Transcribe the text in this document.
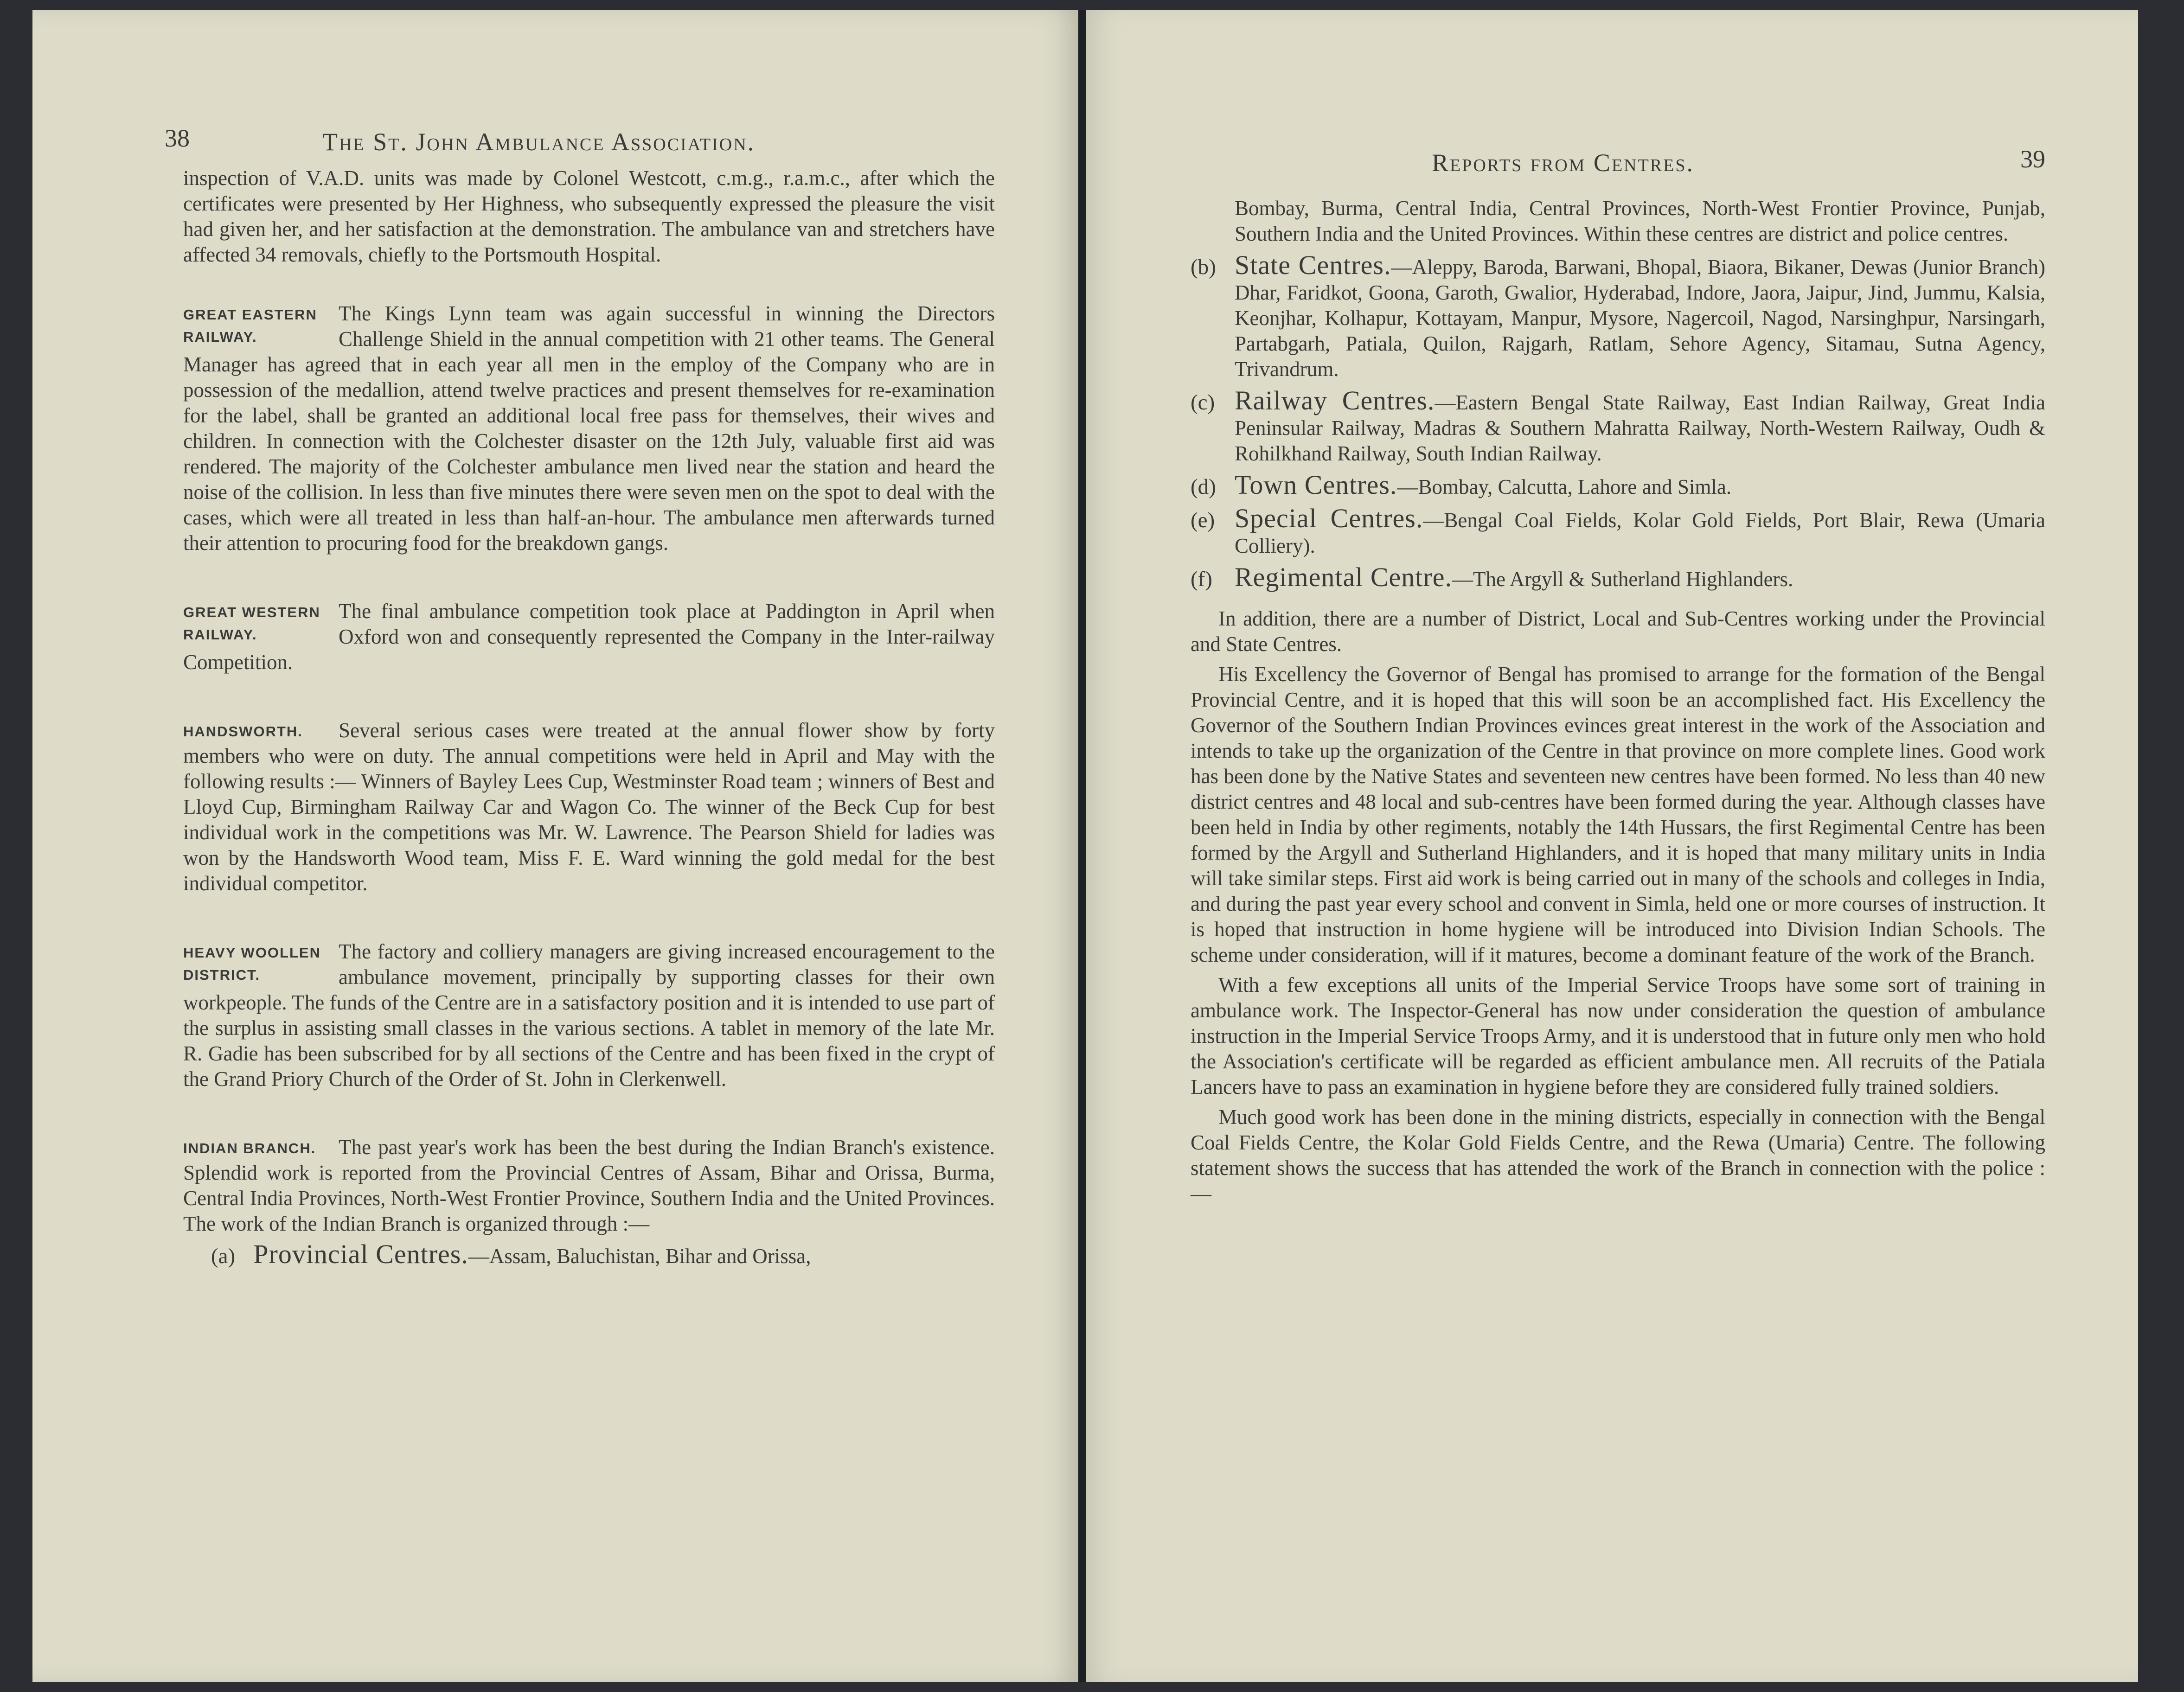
38	The St. John Ambulance Association.

inspection of V.A.D. units was made by Colonel Westcott, c.m.g., r.a.m.c., after which the certificates were presented by Her Highness, who subsequently expressed the pleasure the visit had given her, and her satisfaction at the demonstration. The ambulance van and stretchers have affected 34 removals, chiefly to the Portsmouth Hospital.

GREAT EASTERN RAILWAY.

The Kings Lynn team was again successful in winning the Directors Challenge Shield in the annual competition with 21 other teams. The General Manager has agreed that in each year all men in the employ of the Company who are in possession of the medallion, attend twelve practices and present themselves for re-examination for the label, shall be granted an additional local free pass for themselves, their wives and children. In connection with the Colchester disaster on the 12th July, valuable first aid was rendered. The majority of the Colchester ambulance men lived near the station and heard the noise of the collision. In less than five minutes there were seven men on the spot to deal with the cases, which were all treated in less than half-an-hour. The ambulance men afterwards turned their attention to procuring food for the breakdown gangs.

GREAT WESTERN RAILWAY.

The final ambulance competition took place at Paddington in April when Oxford won and consequently represented the Company in the Inter-railway Competition.

HANDSWORTH.	Several serious cases were treated at the annual flower show by forty members who were on duty. The annual competitions were held in April and May with the following results :— Winners of Bayley Lees Cup, Westminster Road team ; winners of Best and Lloyd Cup, Birmingham Railway Car and Wagon Co. The winner of the Beck Cup for best individual work in the competitions was Mr. W. Lawrence. The Pearson Shield for ladies was won by the Handsworth Wood team, Miss F. E. Ward winning the gold medal for the best individual competitor.

HEAVY WOOLLEN DISTRICT.

The factory and colliery managers are giving increased encouragement to the ambulance movement, principally by supporting classes for their own workpeople. The funds of the Centre are in a satisfactory position and it is intended to use part of the surplus in assisting small classes in the various sections. A tablet in memory of the late Mr. R. Gadie has been subscribed for by all sections of the Centre and has been fixed in the crypt of the Grand Priory Church of the Order of St. John in Clerkenwell.

INDIAN BRANCH.	The past year's work has been the best during the Indian Branch's existence. Splendid work is reported from the Provincial Centres of Assam, Bihar and Orissa, Burma, Central India Provinces, North-West Frontier Province, Southern India and the United Provinces. The work of the Indian Branch is organized through :—

(a) Provincial Centres.—Assam, Baluchistan, Bihar and Orissa,

Reports from Centres.	39

Bombay, Burma, Central India, Central Provinces, North-West Frontier Province, Punjab, Southern India and the United Provinces. Within these centres are district and police centres.

(b) State Centres.—Aleppy, Baroda, Barwani, Bhopal, Biaora, Bikaner, Dewas (Junior Branch) Dhar, Faridkot, Goona, Garoth, Gwalior, Hyderabad, Indore, Jaora, Jaipur, Jind, Jummu, Kalsia, Keonjhar, Kolhapur, Kottayam, Manpur, Mysore, Nagercoil, Nagod, Narsinghpur, Narsingarh, Partabgarh, Patiala, Quilon, Rajgarh, Ratlam, Sehore Agency, Sitamau, Sutna Agency, Trivandrum.

(c) Railway Centres.—Eastern Bengal State Railway, East Indian Railway, Great India Peninsular Railway, Madras & Southern Mahratta Railway, North-Western Railway, Oudh & Rohilkhand Railway, South Indian Railway.

(d) Town Centres.—Bombay, Calcutta, Lahore and Simla.

(e) Special Centres.—Bengal Coal Fields, Kolar Gold Fields, Port Blair, Rewa (Umaria Colliery).

(f) Regimental Centre.—The Argyll & Sutherland Highlanders.

In addition, there are a number of District, Local and Sub-Centres working under the Provincial and State Centres.

His Excellency the Governor of Bengal has promised to arrange for the formation of the Bengal Provincial Centre, and it is hoped that this will soon be an accomplished fact. His Excellency the Governor of the Southern Indian Provinces evinces great interest in the work of the Association and intends to take up the organization of the Centre in that province on more complete lines. Good work has been done by the Native States and seventeen new centres have been formed. No less than 40 new district centres and 48 local and sub-centres have been formed during the year. Although classes have been held in India by other regiments, notably the 14th Hussars, the first Regimental Centre has been formed by the Argyll and Sutherland Highlanders, and it is hoped that many military units in India will take similar steps. First aid work is being carried out in many of the schools and colleges in India, and during the past year every school and convent in Simla, held one or more courses of instruction. It is hoped that instruction in home hygiene will be introduced into Division Indian Schools. The scheme under consideration, will if it matures, become a dominant feature of the work of the Branch.

With a few exceptions all units of the Imperial Service Troops have some sort of training in ambulance work. The Inspector-General has now under consideration the question of ambulance instruction in the Imperial Service Troops Army, and it is understood that in future only men who hold the Association's certificate will be regarded as efficient ambulance men. All recruits of the Patiala Lancers have to pass an examination in hygiene before they are considered fully trained soldiers.

Much good work has been done in the mining districts, especially in connection with the Bengal Coal Fields Centre, the Kolar Gold Fields Centre, and the Rewa (Umaria) Centre. The following statement shows the success that has attended the work of the Branch in connection with the police :—
